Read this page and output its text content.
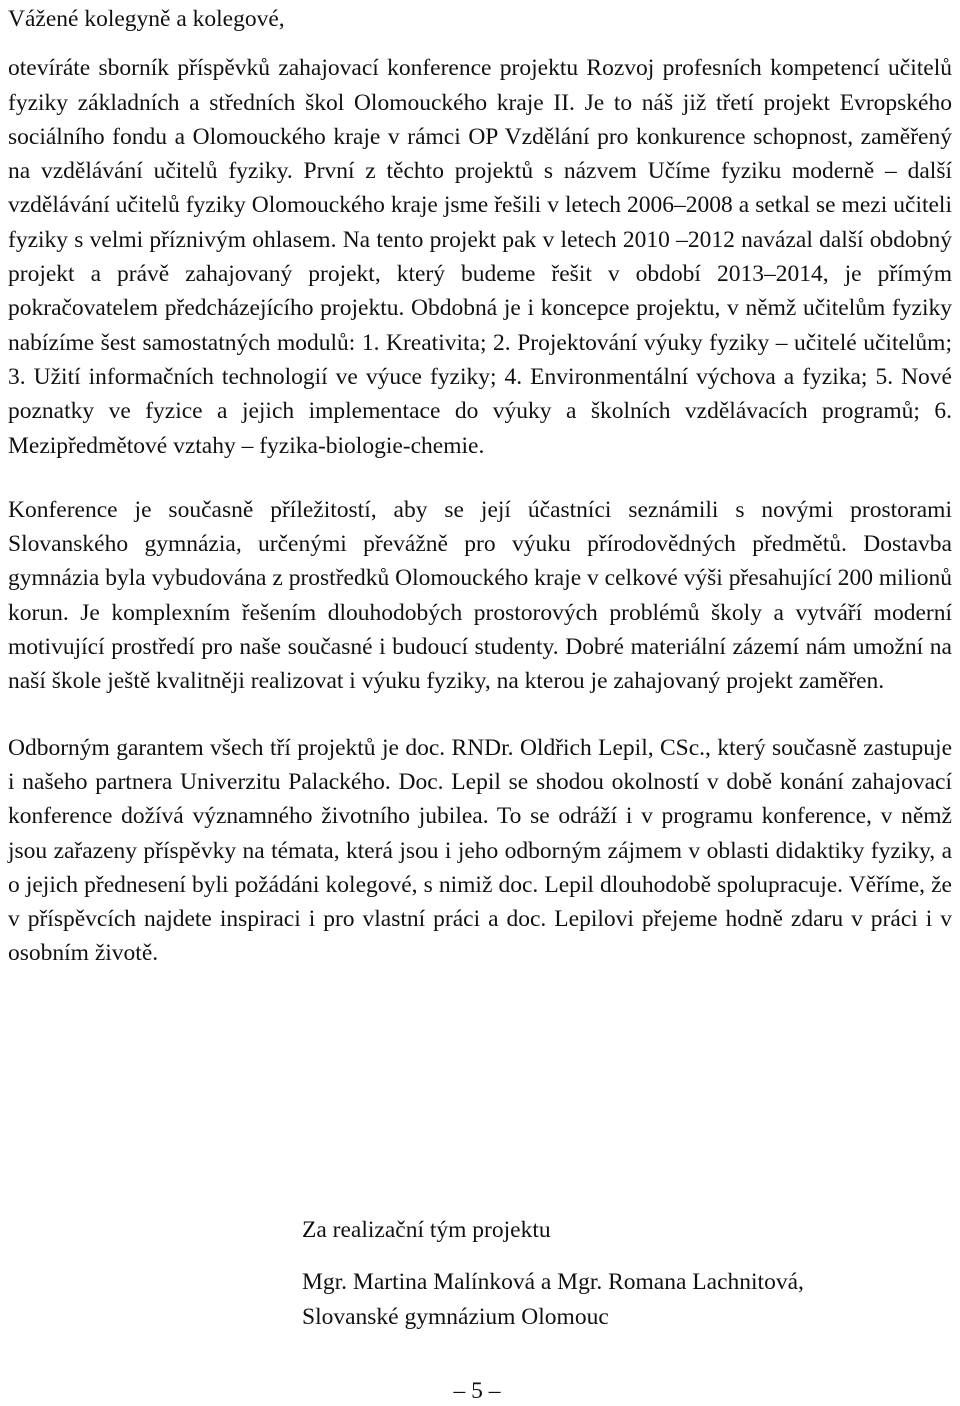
Vážené kolegyně a kolegové,

otevíráte sborník příspěvků zahajovací konference projektu Rozvoj profesních kompetencí učitelů fyziky základních a středních škol Olomouckého kraje II. Je to náš již třetí projekt Evropského sociálního fondu a Olomouckého kraje v rámci OP Vzdělání pro konkurence schopnost, zaměřený na vzdělávání učitelů fyziky. První z těchto projektů s názvem Učíme fyziku moderně – další vzdělávání učitelů fyziky Olomouckého kraje jsme řešili v letech 2006–2008 a setkal se mezi učiteli fyziky s velmi příznivým ohlasem. Na tento projekt pak v letech 2010 –2012 navázal další obdobný projekt a právě zahajovaný projekt, který budeme řešit v období 2013–2014, je přímým pokračovatelem předcházejícího projektu. Obdobná je i koncepce projektu, v němž učitelům fyziky nabízíme šest samostatných modulů: 1. Kreativita; 2. Projektování výuky fyziky – učitelé učitelům; 3. Užití informačních technologií ve výuce fyziky; 4. Environmentální výchova a fyzika; 5. Nové poznatky ve fyzice a jejich implementace do výuky a školních vzdělávacích programů; 6. Mezipředmětové vztahy – fyzika-biologie-chemie.

Konference je současně příležitostí, aby se její účastníci seznámili s novými prostorami Slovanského gymnázia, určenými převážně pro výuku přírodovědných předmětů. Dostavba gymnázia byla vybudována z prostředků Olomouckého kraje v celkové výši přesahující 200 milionů korun. Je komplexním řešením dlouhodobých prostorových problémů školy a vytváří moderní motivující prostředí pro naše současné i budoucí studenty. Dobré materiální zázemí nám umožní na naší škole ještě kvalitněji realizovat i výuku fyziky, na kterou je zahajovaný projekt zaměřen.

Odborným garantem všech tří projektů je doc. RNDr. Oldřich Lepil, CSc., který současně zastupuje i našeho partnera Univerzitu Palackého. Doc. Lepil se shodou okolností v době konání zahajovací konference dožívá významného životního jubilea. To se odráží i v programu konference, v němž jsou zařazeny příspěvky na témata, která jsou i jeho odborným zájmem v oblasti didaktiky fyziky, a o jejich přednesení byli požádáni kolegové, s nimiž doc. Lepil dlouhodobě spolupracuje. Věříme, že v příspěvcích najdete inspiraci i pro vlastní práci a doc. Lepilovi přejeme hodně zdaru v práci i v osobním životě.

Za realizační tým projektu
Mgr. Martina Malínková a Mgr. Romana Lachnitová,
Slovanské gymnázium Olomouc
– 5 –
